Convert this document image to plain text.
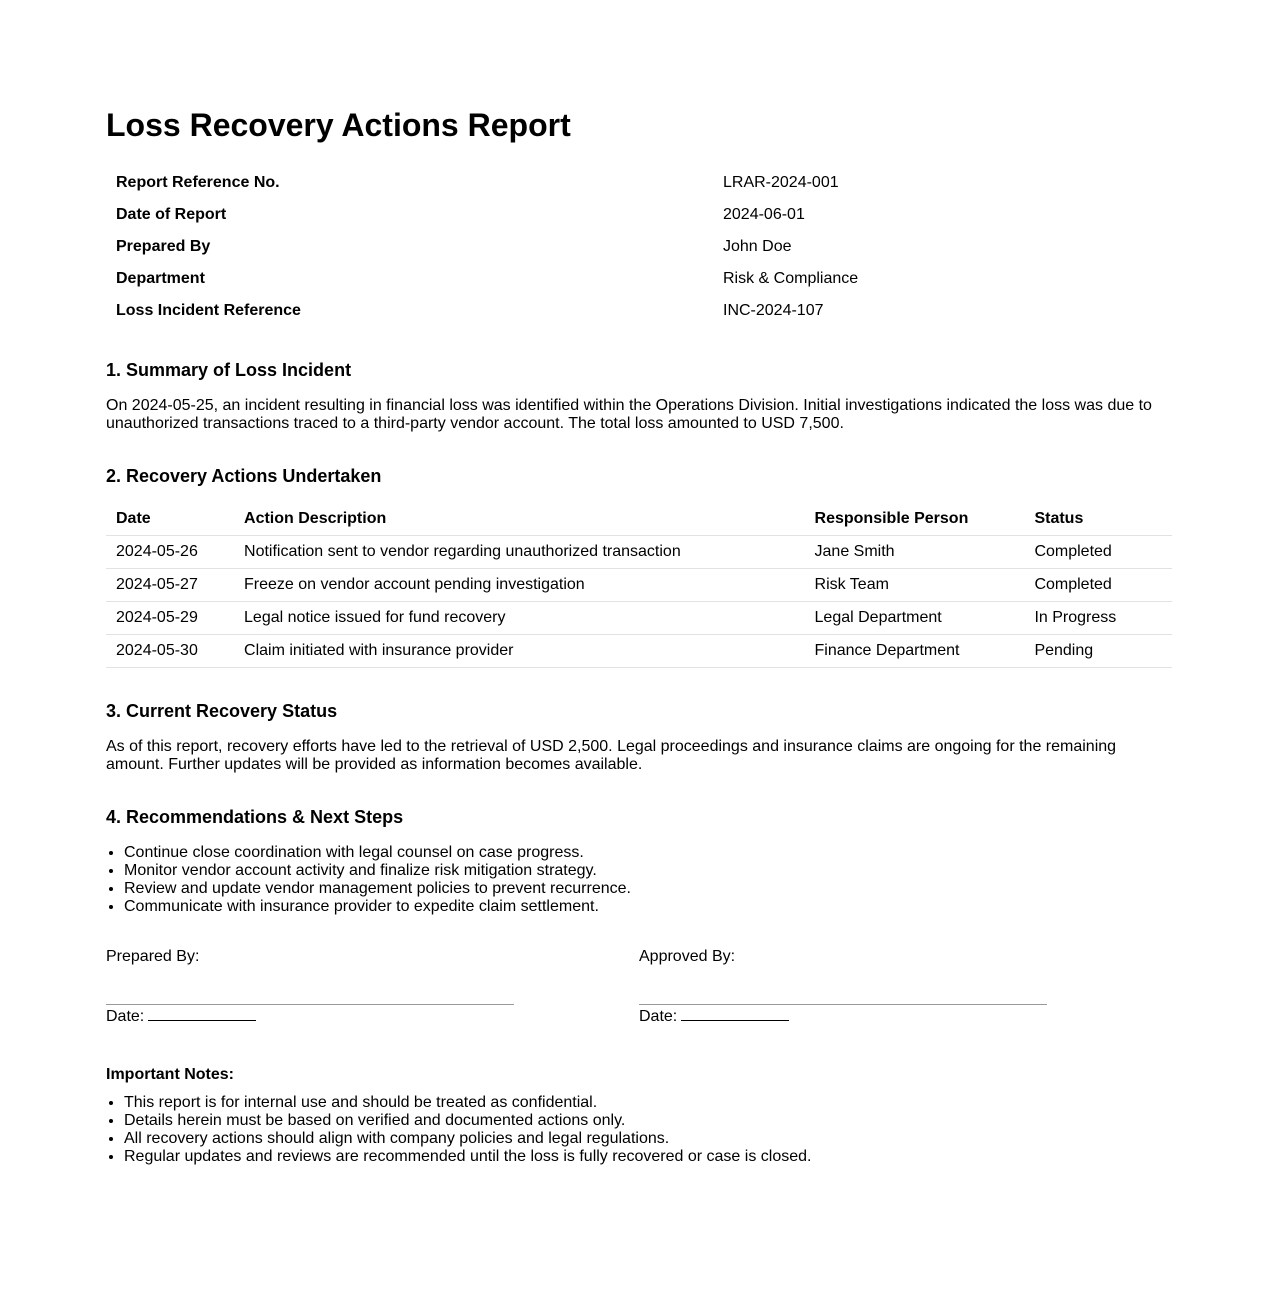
Loss Recovery Actions Report
Report Reference No.	LRAR-2024-001
Date of Report	2024-06-01
Prepared By	John Doe
Department	Risk & Compliance
Loss Incident Reference	INC-2024-107
1. Summary of Loss Incident

On 2024-05-25, an incident resulting in financial loss was identified within the Operations Division. Initial investigations indicated the loss was due to unauthorized transactions traced to a third-party vendor account. The total loss amounted to USD 7,500.

2. Recovery Actions Undertaken
Date	Action Description	Responsible Person	Status
2024-05-26	Notification sent to vendor regarding unauthorized transaction	Jane Smith	Completed
2024-05-27	Freeze on vendor account pending investigation	Risk Team	Completed
2024-05-29	Legal notice issued for fund recovery	Legal Department	In Progress
2024-05-30	Claim initiated with insurance provider	Finance Department	Pending
3. Current Recovery Status

As of this report, recovery efforts have led to the retrieval of USD 2,500. Legal proceedings and insurance claims are ongoing for the remaining amount. Further updates will be provided as information becomes available.

4. Recommendations & Next Steps
• Continue close coordination with legal counsel on case progress.
• Monitor vendor account activity and finalize risk mitigation strategy.
• Review and update vendor management policies to prevent recurrence.
• Communicate with insurance provider to expedite claim settlement.
Prepared By:
Date:
Approved By:
Date:
Important Notes:
• This report is for internal use and should be treated as confidential.
• Details herein must be based on verified and documented actions only.
• All recovery actions should align with company policies and legal regulations.
• Regular updates and reviews are recommended until the loss is fully recovered or case is closed.
